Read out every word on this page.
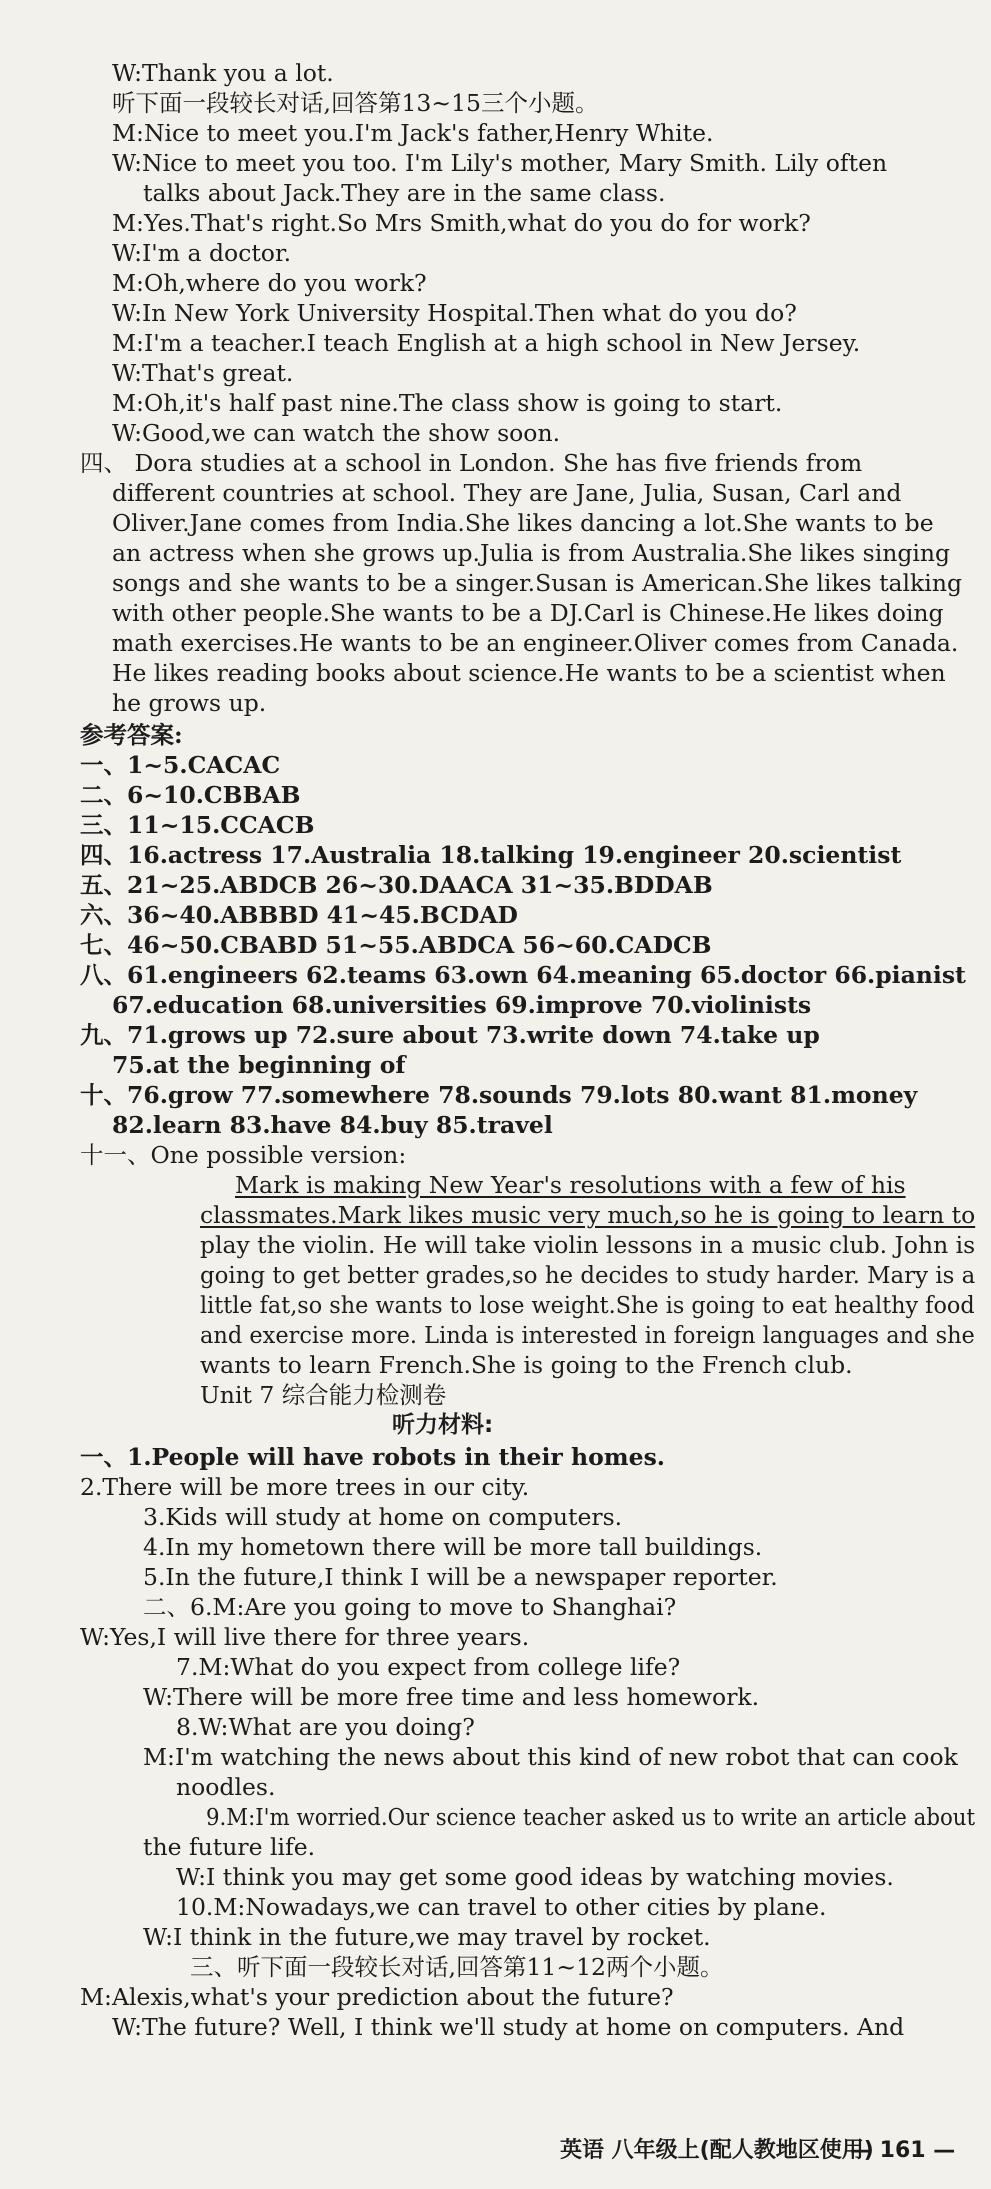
W:Thank you a lot.
听下面一段较长对话,回答第13~15三个小题。
M:Nice to meet you.I'm Jack's father,Henry White.
W:Nice to meet you too. I'm Lily's mother, Mary Smith. Lily often
talks about Jack.They are in the same class.
M:Yes.That's right.So Mrs Smith,what do you do for work?
W:I'm a doctor.
M:Oh,where do you work?
W:In New York University Hospital.Then what do you do?
M:I'm a teacher.I teach English at a high school in New Jersey.
W:That's great.
M:Oh,it's half past nine.The class show is going to start.
W:Good,we can watch the show soon.
四、 Dora studies at a school in London. She has five friends from
different countries at school. They are Jane, Julia, Susan, Carl and
Oliver.Jane comes from India.She likes dancing a lot.She wants to be
an actress when she grows up.Julia is from Australia.She likes singing
songs and she wants to be a singer.Susan is American.She likes talking
with other people.She wants to be a DJ.Carl is Chinese.He likes doing
math exercises.He wants to be an engineer.Oliver comes from Canada.
He likes reading books about science.He wants to be a scientist when
he grows up.
参考答案:
一、1~5.CACAC
二、6~10.CBBAB
三、11~15.CCACB
四、16.actress 17.Australia 18.talking 19.engineer 20.scientist
五、21~25.ABDCB 26~30.DAACA 31~35.BDDAB
六、36~40.ABBBD 41~45.BCDAD
七、46~50.CBABD 51~55.ABDCA 56~60.CADCB
八、61.engineers 62.teams 63.own 64.meaning 65.doctor 66.pianist
67.education 68.universities 69.improve 70.violinists
九、71.grows up 72.sure about 73.write down 74.take up
75.at the beginning of
十、76.grow 77.somewhere 78.sounds 79.lots 80.want 81.money
82.learn 83.have 84.buy 85.travel
十一、One possible version:
Mark is making New Year's resolutions with a few of his
classmates.Mark likes music very much,so he is going to learn to
play the violin. He will take violin lessons in a music club. John is
going to get better grades,so he decides to study harder. Mary is a
little fat,so she wants to lose weight.She is going to eat healthy food
and exercise more. Linda is interested in foreign languages and she
wants to learn French.She is going to the French club.
Unit 7 综合能力检测卷
听力材料:
一、1.People will have robots in their homes.
2.There will be more trees in our city.
3.Kids will study at home on computers.
4.In my hometown there will be more tall buildings.
5.In the future,I think I will be a newspaper reporter.
二、6.M:Are you going to move to Shanghai?
W:Yes,I will live there for three years.
7.M:What do you expect from college life?
W:There will be more free time and less homework.
8.W:What are you doing?
M:I'm watching the news about this kind of new robot that can cook
noodles.
9.M:I'm worried.Our science teacher asked us to write an article about
the future life.
W:I think you may get some good ideas by watching movies.
10.M:Nowadays,we can travel to other cities by plane.
W:I think in the future,we may travel by rocket.
三、听下面一段较长对话,回答第11~12两个小题。
M:Alexis,what's your prediction about the future?
W:The future? Well, I think we'll study at home on computers. And
英语 八年级上(配人教地区使用)
— 161 —
